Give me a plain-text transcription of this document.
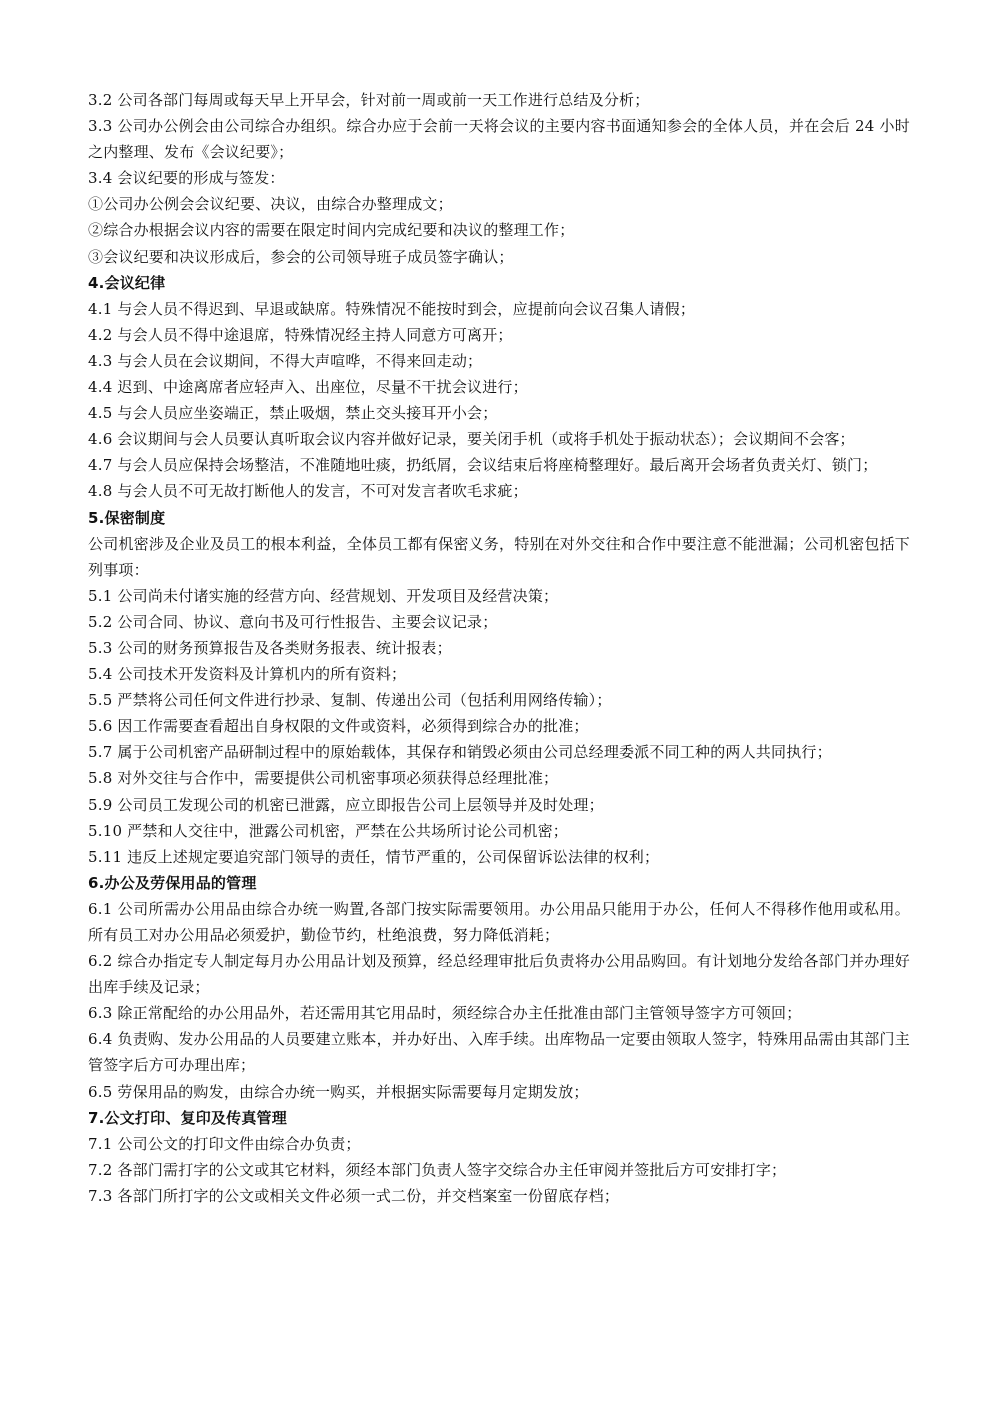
3.2 公司各部门每周或每天早上开早会，针对前一周或前一天工作进行总结及分析；

3.3 公司办公例会由公司综合办组织。综合办应于会前一天将会议的主要内容书面通知参会的全体人员，并在会后 24 小时之内整理、发布《会议纪要》；

3.4 会议纪要的形成与签发：

①公司办公例会会议纪要、决议，由综合办整理成文；

②综合办根据会议内容的需要在限定时间内完成纪要和决议的整理工作；

③会议纪要和决议形成后，参会的公司领导班子成员签字确认；

4.会议纪律

4.1 与会人员不得迟到、早退或缺席。特殊情况不能按时到会，应提前向会议召集人请假；

4.2 与会人员不得中途退席，特殊情况经主持人同意方可离开；

4.3 与会人员在会议期间，不得大声喧哗，不得来回走动；

4.4 迟到、中途离席者应轻声入、出座位，尽量不干扰会议进行；

4.5 与会人员应坐姿端正，禁止吸烟，禁止交头接耳开小会；

4.6 会议期间与会人员要认真听取会议内容并做好记录，要关闭手机（或将手机处于振动状态）；会议期间不会客；

4.7 与会人员应保持会场整洁，不准随地吐痰，扔纸屑，会议结束后将座椅整理好。最后离开会场者负责关灯、锁门；

4.8 与会人员不可无故打断他人的发言，不可对发言者吹毛求疵；

5.保密制度

公司机密涉及企业及员工的根本利益，全体员工都有保密义务，特别在对外交往和合作中要注意不能泄漏；公司机密包括下列事项：

5.1 公司尚未付诸实施的经营方向、经营规划、开发项目及经营决策；

5.2 公司合同、协议、意向书及可行性报告、主要会议记录；

5.3 公司的财务预算报告及各类财务报表、统计报表；

5.4 公司技术开发资料及计算机内的所有资料；

5.5 严禁将公司任何文件进行抄录、复制、传递出公司（包括利用网络传输）；

5.6 因工作需要查看超出自身权限的文件或资料，必须得到综合办的批准；

5.7 属于公司机密产品研制过程中的原始载体，其保存和销毁必须由公司总经理委派不同工种的两人共同执行；

5.8 对外交往与合作中，需要提供公司机密事项必须获得总经理批准；

5.9 公司员工发现公司的机密已泄露，应立即报告公司上层领导并及时处理；

5.10 严禁和人交往中，泄露公司机密，严禁在公共场所讨论公司机密；

5.11 违反上述规定要追究部门领导的责任，情节严重的，公司保留诉讼法律的权利；

6.办公及劳保用品的管理

6.1 公司所需办公用品由综合办统一购置,各部门按实际需要领用。办公用品只能用于办公，任何人不得移作他用或私用。所有员工对办公用品必须爱护，勤俭节约，杜绝浪费，努力降低消耗；

6.2 综合办指定专人制定每月办公用品计划及预算，经总经理审批后负责将办公用品购回。有计划地分发给各部门并办理好出库手续及记录；

6.3 除正常配给的办公用品外，若还需用其它用品时，须经综合办主任批准由部门主管领导签字方可领回；

6.4 负责购、发办公用品的人员要建立账本，并办好出、入库手续。出库物品一定要由领取人签字，特殊用品需由其部门主管签字后方可办理出库；

6.5 劳保用品的购发，由综合办统一购买，并根据实际需要每月定期发放；

7.公文打印、复印及传真管理

7.1 公司公文的打印文件由综合办负责；

7.2 各部门需打字的公文或其它材料，须经本部门负责人签字交综合办主任审阅并签批后方可安排打字；

7.3 各部门所打字的公文或相关文件必须一式二份，并交档案室一份留底存档；
